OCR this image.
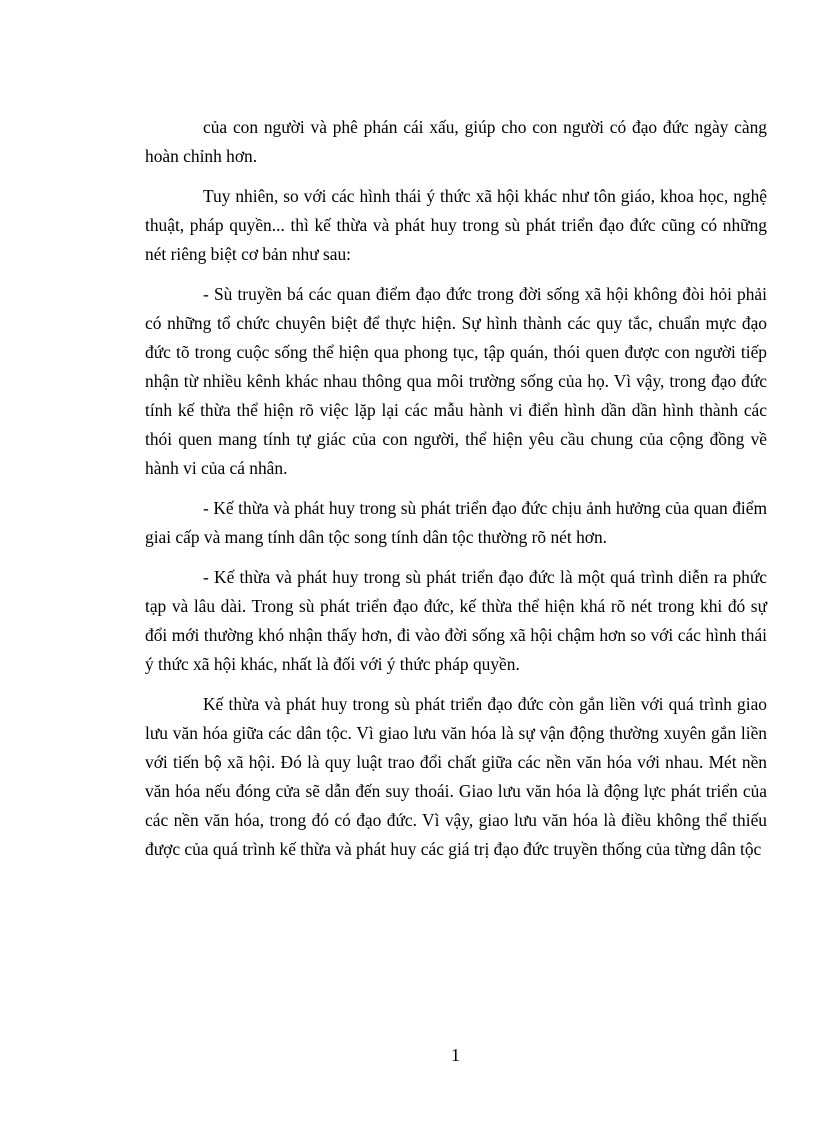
của con người và phê phán cái xấu, giúp cho con người có đạo đức ngày càng hoàn chỉnh hơn.

Tuy nhiên, so với các hình thái ý thức xã hội khác như tôn giáo, khoa học, nghệ thuật, pháp quyền... thì kế thừa và phát huy trong sù phát triển đạo đức cũng có những nét riêng biệt cơ bản như sau:

- Sù truyền bá các quan điểm đạo đức trong đời sống xã hội không đòi hỏi phải có những tổ chức chuyên biệt để thực hiện. Sự hình thành các quy tắc, chuẩn mực đạo đức tõ trong cuộc sống thể hiện qua phong tục, tập quán, thói quen được con người tiếp nhận từ nhiều kênh khác nhau thông qua môi trường sống của họ. Vì vậy, trong đạo đức tính kế thừa thể hiện rõ việc lặp lại các mẫu hành vi điển hình dần dần hình thành các thói quen mang tính tự giác của con người, thể hiện yêu cầu chung của cộng đồng về hành vi của cá nhân.

- Kế thừa và phát huy trong sù phát triển đạo đức chịu ảnh hưởng của quan điểm giai cấp và mang tính dân tộc song tính dân tộc thường rõ nét hơn.

- Kế thừa và phát huy trong sù phát triển đạo đức là một quá trình diễn ra phức tạp và lâu dài. Trong sù phát triển đạo đức, kế thừa thể hiện khá rõ nét trong khi đó sự đổi mới thường khó nhận thấy hơn, đi vào đời sống xã hội chậm hơn so với các hình thái ý thức xã hội khác, nhất là đối với ý thức pháp quyền.

Kế thừa và phát huy trong sù phát triển đạo đức còn gắn liền với quá trình giao lưu văn hóa giữa các dân tộc. Vì giao lưu văn hóa là sự vận động thường xuyên gắn liền với tiến bộ xã hội. Đó là quy luật trao đổi chất giữa các nền văn hóa với nhau. Mét nền văn hóa nếu đóng cửa sẽ dẫn đến suy thoái. Giao lưu văn hóa là động lực phát triển của các nền văn hóa, trong đó có đạo đức. Vì vậy, giao lưu văn hóa là điều không thể thiếu được của quá trình kế thừa và phát huy các giá trị đạo đức truyền thống của từng dân tộc

1
